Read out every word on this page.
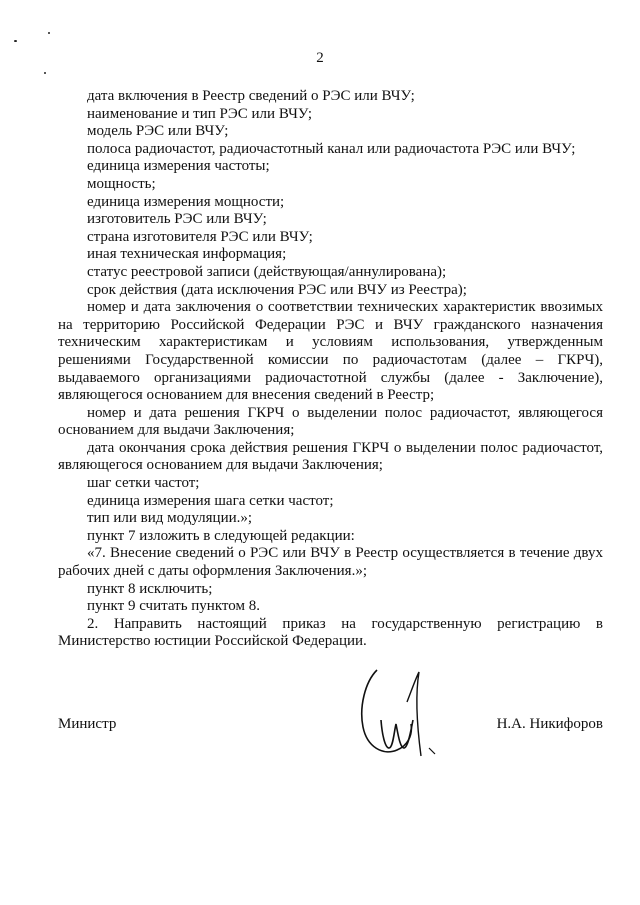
2

дата включения в Реестр сведений о РЭС или ВЧУ;

наименование и тип РЭС или ВЧУ;

модель РЭС или ВЧУ;

полоса радиочастот, радиочастотный канал или радиочастота РЭС или ВЧУ;

единица измерения частоты;

мощность;

единица измерения мощности;

изготовитель РЭС или ВЧУ;

страна изготовителя РЭС или ВЧУ;

иная техническая информация;

статус реестровой записи (действующая/аннулирована);

срок действия (дата исключения РЭС или ВЧУ из Реестра);

номер и дата заключения о соответствии технических характеристик ввозимых на территорию Российской Федерации РЭС и ВЧУ гражданского назначения техническим характеристикам и условиям использования, утвержденным решениями Государственной комиссии по радиочастотам (далее – ГКРЧ), выдаваемого организациями радиочастотной службы (далее - Заключение), являющегося основанием для внесения сведений в Реестр;

номер и дата решения ГКРЧ о выделении полос радиочастот, являющегося основанием для выдачи Заключения;

дата окончания срока действия решения ГКРЧ о выделении полос радиочастот, являющегося основанием для выдачи Заключения;

шаг сетки частот;

единица измерения шага сетки частот;

тип или вид модуляции.»;

пункт 7 изложить в следующей редакции:

«7. Внесение сведений о РЭС или ВЧУ в Реестр осуществляется в течение двух рабочих дней с даты оформления Заключения.»;

пункт 8 исключить;

пункт 9 считать пунктом 8.

2. Направить настоящий приказ на государственную регистрацию в Министерство юстиции Российской Федерации.

Министр	Н.А. Никифоров
